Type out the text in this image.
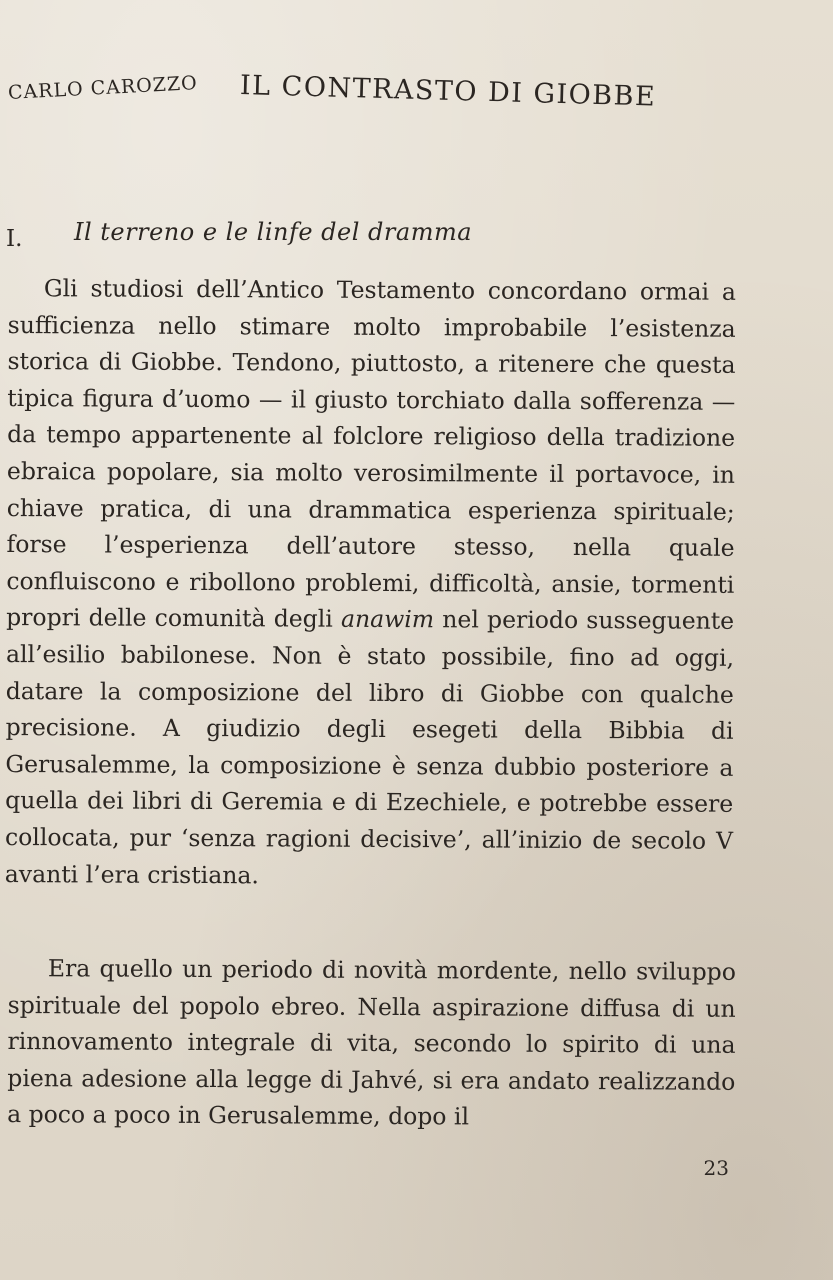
CARLO CAROZZO IL CONTRASTO DI GIOBBE
I. Il terreno e le linfe del dramma
Gli studiosi dell’Antico Testamento concordano ormai a sufficienza nello stimare molto improbabile l’esistenza storica di Giobbe. Tendono, piuttosto, a ritenere che questa tipica figura d’uomo — il giusto torchiato dalla sofferenza — da tempo appartenente al folclore religioso della tradizione ebraica popolare, sia molto verosimilmente il portavoce, in chiave pratica, di una drammatica esperienza spirituale; forse l’esperienza dell’autore stesso, nella quale confluiscono e ribollono problemi, difficoltà, ansie, tormenti propri delle comunità degli anawim nel periodo susseguente all’esilio babilonese. Non è stato possibile, fino ad oggi, datare la composizione del libro di Giobbe con qualche precisione. A giudizio degli esegeti della Bibbia di Gerusalemme, la composizione è senza dubbio posteriore a quella dei libri di Geremia e di Ezechiele, e potrebbe essere collocata, pur ‘senza ragioni decisive’, all’inizio de secolo V avanti l’era cristiana.
Era quello un periodo di novità mordente, nello sviluppo spirituale del popolo ebreo. Nella aspirazione diffusa di un rinnovamento integrale di vita, secondo lo spirito di una piena adesione alla legge di Jahvé, si era andato realizzando a poco a poco in Gerusalemme, dopo il
23
